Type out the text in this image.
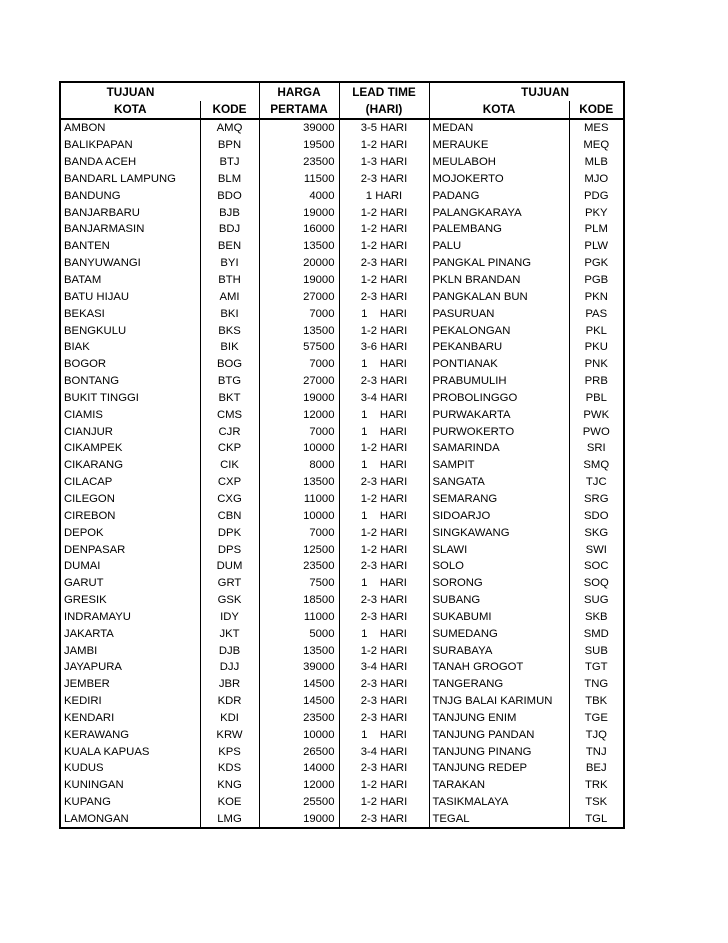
TUJUAN		HARGA	LEAD TIME	TUJUAN	
KOTA	KODE	PERTAMA	(HARI)	KOTA	KODE
AMBON	AMQ	39000	3-5 HARI	MEDAN	MES
BALIKPAPAN	BPN	19500	1-2 HARI	MERAUKE	MEQ
BANDA ACEH	BTJ	23500	1-3 HARI	MEULABOH	MLB
BANDARL LAMPUNG	BLM	11500	2-3 HARI	MOJOKERTO	MJO
BANDUNG	BDO	4000	1 HARI	PADANG	PDG
BANJARBARU	BJB	19000	1-2 HARI	PALANGKARAYA	PKY
BANJARMASIN	BDJ	16000	1-2 HARI	PALEMBANG	PLM
BANTEN	BEN	13500	1-2 HARI	PALU	PLW
BANYUWANGI	BYI	20000	2-3 HARI	PANGKAL PINANG	PGK
BATAM	BTH	19000	1-2 HARI	PKLN BRANDAN	PGB
BATU HIJAU	AMI	27000	2-3 HARI	PANGKALAN BUN	PKN
BEKASI	BKI	7000	1    HARI	PASURUAN	PAS
BENGKULU	BKS	13500	1-2 HARI	PEKALONGAN	PKL
BIAK	BIK	57500	3-6 HARI	PEKANBARU	PKU
BOGOR	BOG	7000	1    HARI	PONTIANAK	PNK
BONTANG	BTG	27000	2-3 HARI	PRABUMULIH	PRB
BUKIT TINGGI	BKT	19000	3-4 HARI	PROBOLINGGO	PBL
CIAMIS	CMS	12000	1    HARI	PURWAKARTA	PWK
CIANJUR	CJR	7000	1    HARI	PURWOKERTO	PWO
CIKAMPEK	CKP	10000	1-2 HARI	SAMARINDA	SRI
CIKARANG	CIK	8000	1    HARI	SAMPIT	SMQ
CILACAP	CXP	13500	2-3 HARI	SANGATA	TJC
CILEGON	CXG	11000	1-2 HARI	SEMARANG	SRG
CIREBON	CBN	10000	1    HARI	SIDOARJO	SDO
DEPOK	DPK	7000	1-2 HARI	SINGKAWANG	SKG
DENPASAR	DPS	12500	1-2 HARI	SLAWI	SWI
DUMAI	DUM	23500	2-3 HARI	SOLO	SOC
GARUT	GRT	7500	1    HARI	SORONG	SOQ
GRESIK	GSK	18500	2-3 HARI	SUBANG	SUG
INDRAMAYU	IDY	11000	2-3 HARI	SUKABUMI	SKB
JAKARTA	JKT	5000	1    HARI	SUMEDANG	SMD
JAMBI	DJB	13500	1-2 HARI	SURABAYA	SUB
JAYAPURA	DJJ	39000	3-4 HARI	TANAH GROGOT	TGT
JEMBER	JBR	14500	2-3 HARI	TANGERANG	TNG
KEDIRI	KDR	14500	2-3 HARI	TNJG BALAI KARIMUN	TBK
KENDARI	KDI	23500	2-3 HARI	TANJUNG ENIM	TGE
KERAWANG	KRW	10000	1    HARI	TANJUNG PANDAN	TJQ
KUALA KAPUAS	KPS	26500	3-4 HARI	TANJUNG PINANG	TNJ
KUDUS	KDS	14000	2-3 HARI	TANJUNG REDEP	BEJ
KUNINGAN	KNG	12000	1-2 HARI	TARAKAN	TRK
KUPANG	KOE	25500	1-2 HARI	TASIKMALAYA	TSK
LAMONGAN	LMG	19000	2-3 HARI	TEGAL	TGL
